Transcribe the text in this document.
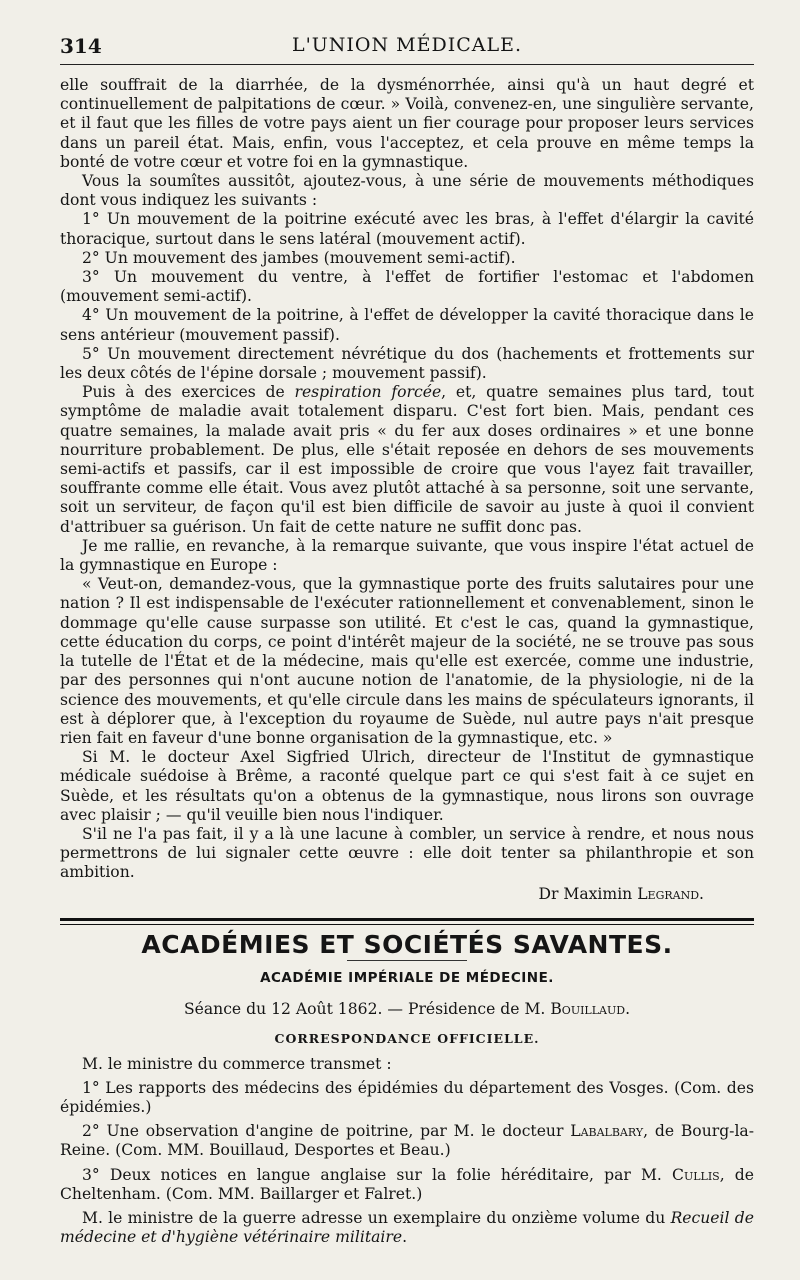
314	L'UNION MÉDICALE.

elle souffrait de la diarrhée, de la dysménorrhée, ainsi qu'à un haut degré et continuellement de palpitations de cœur. » Voilà, convenez-en, une singulière servante, et il faut que les filles de votre pays aient un fier courage pour proposer leurs services dans un pareil état. Mais, enfin, vous l'acceptez, et cela prouve en même temps la bonté de votre cœur et votre foi en la gymnastique.

Vous la soumîtes aussitôt, ajoutez-vous, à une série de mouvements méthodiques dont vous indiquez les suivants :

1° Un mouvement de la poitrine exécuté avec les bras, à l'effet d'élargir la cavité thoracique, surtout dans le sens latéral (mouvement actif).

2° Un mouvement des jambes (mouvement semi-actif).

3° Un mouvement du ventre, à l'effet de fortifier l'estomac et l'abdomen (mouvement semi-actif).

4° Un mouvement de la poitrine, à l'effet de développer la cavité thoracique dans le sens antérieur (mouvement passif).

5° Un mouvement directement névrétique du dos (hachements et frottements sur les deux côtés de l'épine dorsale ; mouvement passif).

Puis à des exercices de respiration forcée, et, quatre semaines plus tard, tout symptôme de maladie avait totalement disparu. C'est fort bien. Mais, pendant ces quatre semaines, la malade avait pris « du fer aux doses ordinaires » et une bonne nourriture probablement. De plus, elle s'était reposée en dehors de ses mouvements semi-actifs et passifs, car il est impossible de croire que vous l'ayez fait travailler, souffrante comme elle était. Vous avez plutôt attaché à sa personne, soit une servante, soit un serviteur, de façon qu'il est bien difficile de savoir au juste à quoi il convient d'attribuer sa guérison. Un fait de cette nature ne suffit donc pas.

Je me rallie, en revanche, à la remarque suivante, que vous inspire l'état actuel de la gymnastique en Europe :

« Veut-on, demandez-vous, que la gymnastique porte des fruits salutaires pour une nation ? Il est indispensable de l'exécuter rationnellement et convenablement, sinon le dommage qu'elle cause surpasse son utilité. Et c'est le cas, quand la gymnastique, cette éducation du corps, ce point d'intérêt majeur de la société, ne se trouve pas sous la tutelle de l'État et de la médecine, mais qu'elle est exercée, comme une industrie, par des personnes qui n'ont aucune notion de l'anatomie, de la physiologie, ni de la science des mouvements, et qu'elle circule dans les mains de spéculateurs ignorants, il est à déplorer que, à l'exception du royaume de Suède, nul autre pays n'ait presque rien fait en faveur d'une bonne organisation de la gymnastique, etc. »

Si M. le docteur Axel Sigfried Ulrich, directeur de l'Institut de gymnastique médicale suédoise à Brême, a raconté quelque part ce qui s'est fait à ce sujet en Suède, et les résultats qu'on a obtenus de la gymnastique, nous lirons son ouvrage avec plaisir ; — qu'il veuille bien nous l'indiquer.

S'il ne l'a pas fait, il y a là une lacune à combler, un service à rendre, et nous nous permettrons de lui signaler cette œuvre : elle doit tenter sa philanthropie et son ambition.

Dr Maximin Legrand.
ACADÉMIES ET SOCIÉTÉS SAVANTES.
ACADÉMIE IMPÉRIALE DE MÉDECINE.
Séance du 12 Août 1862. — Présidence de M. Bouillaud.
CORRESPONDANCE OFFICIELLE.

M. le ministre du commerce transmet :

1° Les rapports des médecins des épidémies du département des Vosges. (Com. des épidémies.)

2° Une observation d'angine de poitrine, par M. le docteur Labalbary, de Bourg-la-Reine. (Com. MM. Bouillaud, Desportes et Beau.)

3° Deux notices en langue anglaise sur la folie héréditaire, par M. Cullis, de Cheltenham. (Com. MM. Baillarger et Falret.)

M. le ministre de la guerre adresse un exemplaire du onzième volume du Recueil de médecine et d'hygiène vétérinaire militaire.
